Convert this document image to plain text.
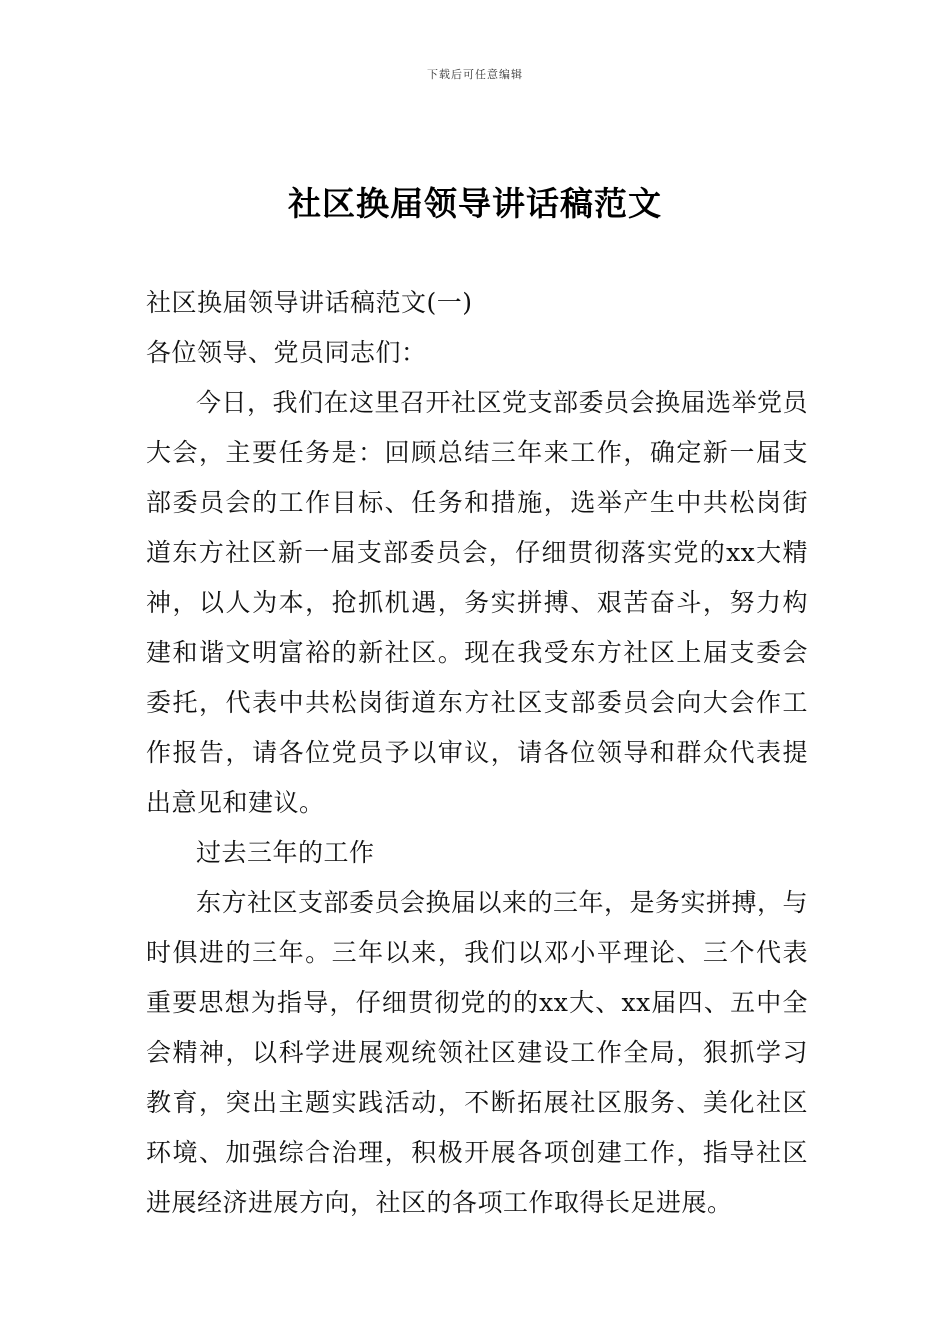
下载后可任意编辑
社区换届领导讲话稿范文

社区换届领导讲话稿范文(一)

各位领导、党员同志们：

今日，我们在这里召开社区党支部委员会换届选举党员大会，主要任务是：回顾总结三年来工作，确定新一届支部委员会的工作目标、任务和措施，选举产生中共松岗街道东方社区新一届支部委员会，仔细贯彻落实党的xx大精神，以人为本，抢抓机遇，务实拼搏、艰苦奋斗，努力构建和谐文明富裕的新社区。现在我受东方社区上届支委会委托，代表中共松岗街道东方社区支部委员会向大会作工作报告，请各位党员予以审议，请各位领导和群众代表提出意见和建议。

过去三年的工作

东方社区支部委员会换届以来的三年，是务实拼搏，与时俱进的三年。三年以来，我们以邓小平理论、三个代表重要思想为指导，仔细贯彻党的的xx大、xx届四、五中全会精神，以科学进展观统领社区建设工作全局，狠抓学习教育，突出主题实践活动，不断拓展社区服务、美化社区环境、加强综合治理，积极开展各项创建工作，指导社区进展经济进展方向，社区的各项工作取得长足进展。
